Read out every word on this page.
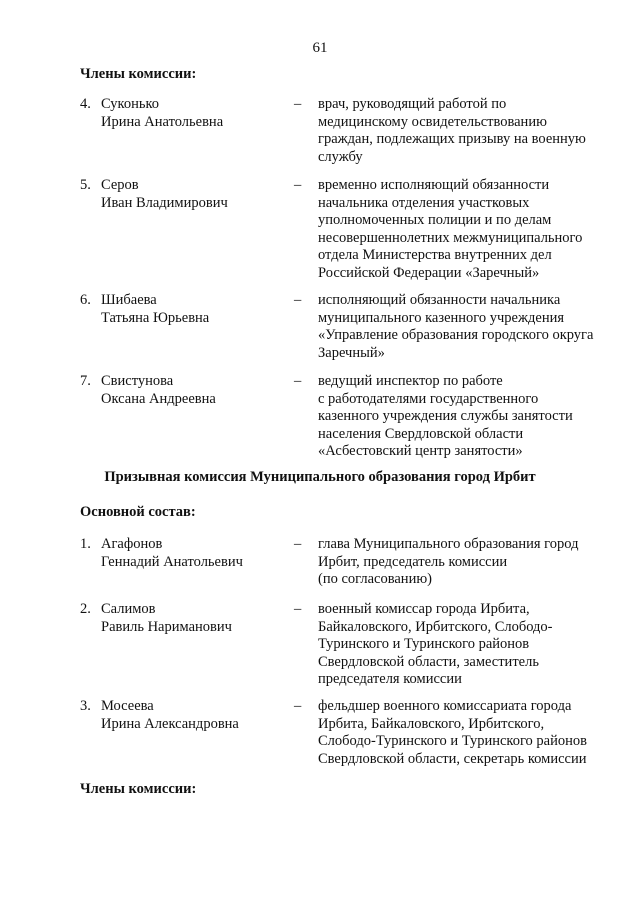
61
Члены комиссии:
4. Суконько
Ирина Анатольевна
– врач, руководящий работой по
медицинскому освидетельствованию
граждан, подлежащих призыву на военную
службу
5. Серов
Иван Владимирович
– временно исполняющий обязанности
начальника отделения участковых
уполномоченных полиции и по делам
несовершеннолетних межмуниципального
отдела Министерства внутренних дел
Российской Федерации «Заречный»
6. Шибаева
Татьяна Юрьевна
– исполняющий обязанности начальника
муниципального казенного учреждения
«Управление образования городского округа
Заречный»
7. Свистунова
Оксана Андреевна
– ведущий инспектор по работе
с работодателями государственного
казенного учреждения службы занятости
населения Свердловской области
«Асбестовский центр занятости»
Призывная комиссия Муниципального образования город Ирбит
Основной состав:
1. Агафонов
Геннадий Анатольевич
– глава Муниципального образования город
Ирбит, председатель комиссии
(по согласованию)
2. Салимов
Равиль Нариманович
– военный комиссар города Ирбита,
Байкаловского, Ирбитского, Слободо-
Туринского и Туринского районов
Свердловской области, заместитель
председателя комиссии
3. Мосеева
Ирина Александровна
– фельдшер военного комиссариата города
Ирбита, Байкаловского, Ирбитского,
Слободо-Туринского и Туринского районов
Свердловской области, секретарь комиссии
Члены комиссии:
